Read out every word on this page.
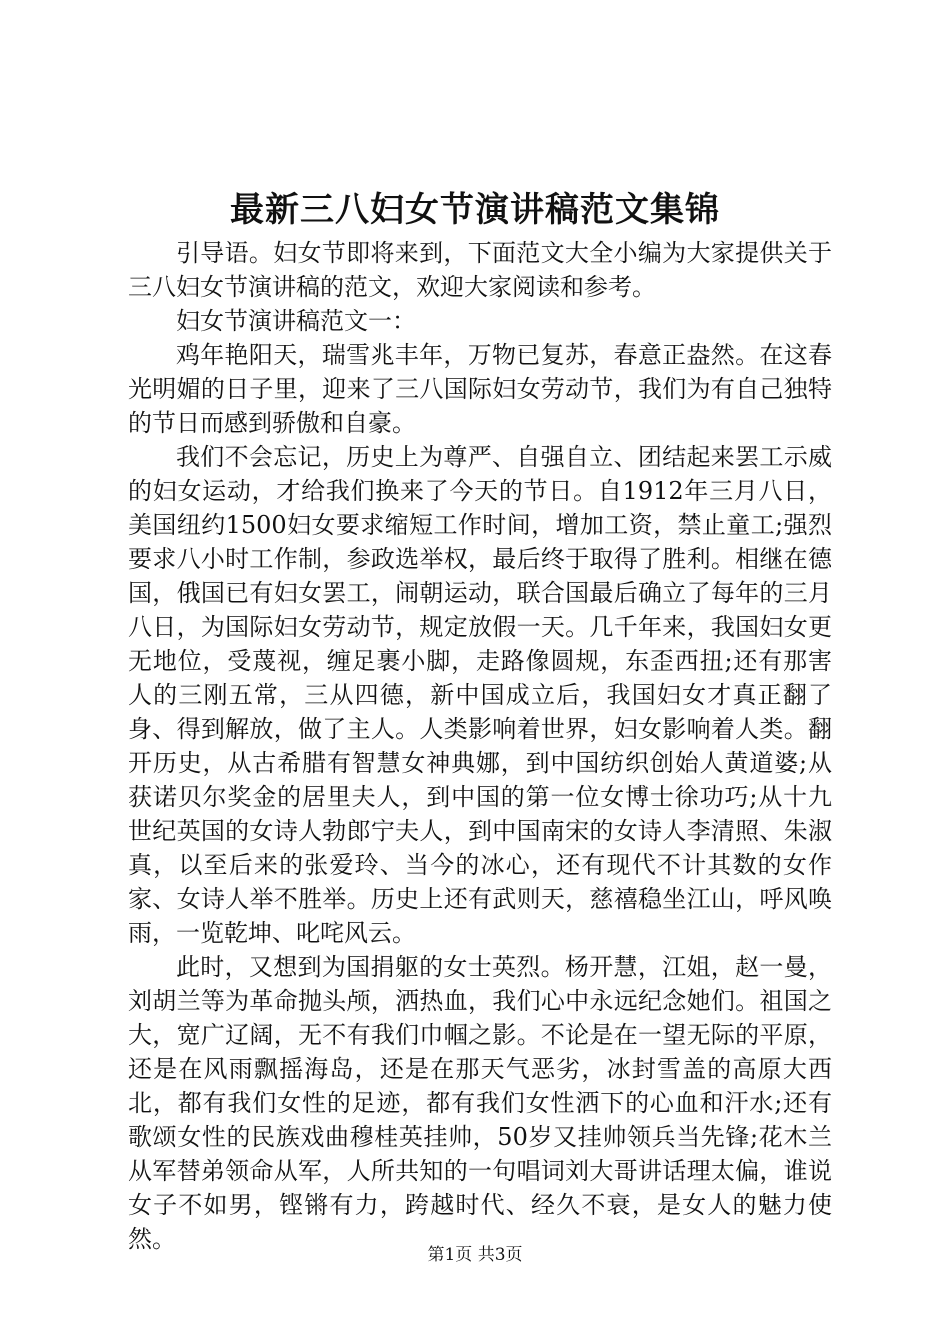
最新三八妇女节演讲稿范文集锦

引导语。妇女节即将来到，下面范文大全小编为大家提供关于三八妇女节演讲稿的范文，欢迎大家阅读和参考。

妇女节演讲稿范文一：

鸡年艳阳天，瑞雪兆丰年，万物已复苏，春意正盎然。在这春光明媚的日子里，迎来了三八国际妇女劳动节，我们为有自己独特的节日而感到骄傲和自豪。

我们不会忘记，历史上为尊严、自强自立、团结起来罢工示威的妇女运动，才给我们换来了今天的节日。自1912年三月八日，美国纽约1500妇女要求缩短工作时间，增加工资，禁止童工;强烈要求八小时工作制，参政选举权，最后终于取得了胜利。相继在德国，俄国已有妇女罢工，闹朝运动，联合国最后确立了每年的三月八日，为国际妇女劳动节，规定放假一天。几千年来，我国妇女更无地位，受蔑视，缠足裹小脚，走路像圆规，东歪西扭;还有那害人的三刚五常，三从四德，新中国成立后，我国妇女才真正翻了身、得到解放，做了主人。人类影响着世界，妇女影响着人类。翻开历史，从古希腊有智慧女神典娜，到中国纺织创始人黄道婆;从获诺贝尔奖金的居里夫人，到中国的第一位女博士徐功巧;从十九世纪英国的女诗人勃郎宁夫人，到中国南宋的女诗人李清照、朱淑真，以至后来的张爱玲、当今的冰心，还有现代不计其数的女作家、女诗人举不胜举。历史上还有武则天，慈禧稳坐江山，呼风唤雨，一览乾坤、叱咤风云。

此时，又想到为国捐躯的女士英烈。杨开慧，江姐，赵一曼，刘胡兰等为革命抛头颅，洒热血，我们心中永远纪念她们。祖国之大，宽广辽阔，无不有我们巾帼之影。不论是在一望无际的平原，还是在风雨飘摇海岛，还是在那天气恶劣，冰封雪盖的高原大西北，都有我们女性的足迹，都有我们女性洒下的心血和汗水;还有歌颂女性的民族戏曲穆桂英挂帅，50岁又挂帅领兵当先锋;花木兰从军替弟领命从军，人所共知的一句唱词刘大哥讲话理太偏，谁说女子不如男，铿锵有力，跨越时代、经久不衰，是女人的魅力使然。

第1页 共3页
